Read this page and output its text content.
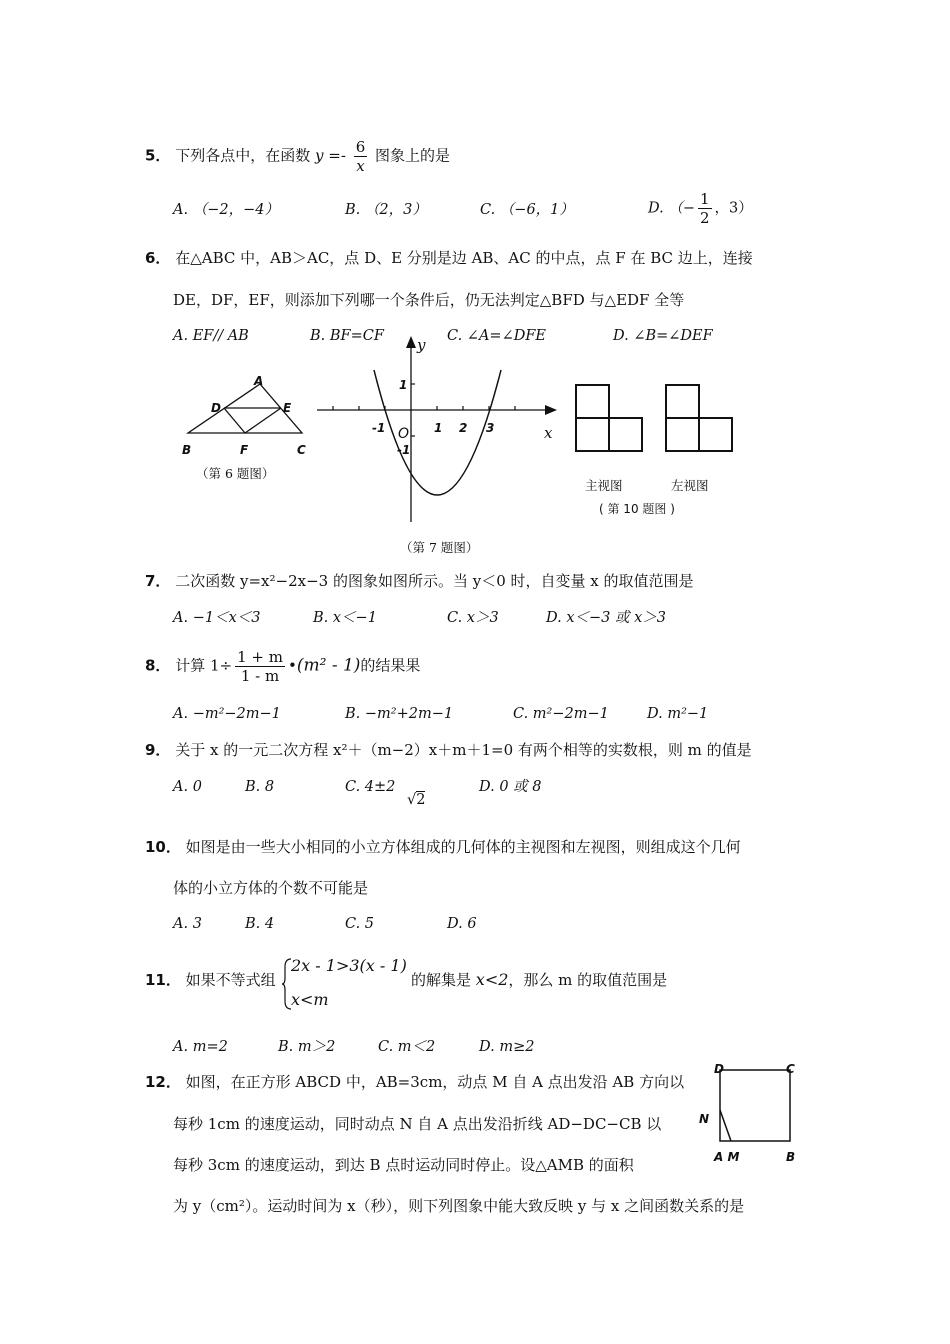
5． 下列各点中，在函数 $y =- \frac{6}{x}$ 图象上的是
A. （−2，−4）	B. （2，3）	C. （−6，1）	D. （− $\frac{1}{2}$ ，3）
6． 在△ABC 中，AB＞AC，点 D、E 分别是边 AB、AC 的中点，点 F 在 BC 边上，连接
DE，DF，EF，则添加下列哪一个条件后，仍无法判定△BFD 与△EDF 全等
A. EF// AB	B. BF=CF	C. ∠A=∠DFE	D. ∠B=∠DEF
A
D	E
B	F	C
（第 6 题图）
y
x
1
-1 O 1 2 3
-1
（第 7 题图）
主视图	左视图
( 第 10 题图 )
7． 二次函数 y=x²−2x−3 的图象如图所示。当 y＜0 时，自变量 x 的取值范围是
A. −1＜x＜3	B. x＜−1	C. x＞3	D. x＜−3 或 x＞3
8． 计算 $1\div \frac{1 + m}{1 - m}$ •(m² - 1)的结果果
A. −m²−2m−1	B. −m²+2m−1	C. m²−2m−1	D. m²−1
9． 关于 x 的一元二次方程 x²＋（m−2）x＋m＋1=0 有两个相等的实数根，则 m 的值是
A. 0	B. 8	C. 4±2
√2
D. 0 或 8
10． 如图是由一些大小相同的小立方体组成的几何体的主视图和左视图，则组成这个几何
体的小立方体的个数不可能是
A. 3	B. 4	C. 5	D. 6
11． 如果不等式组
2x - 1>3(x - 1)
x<m
的解集是 x<2，那么 m 的取值范围是
A. m=2	B. m＞2	C. m＜2	D. m≥2
12． 如图，在正方形 ABCD 中，AB=3cm，动点 M 自 A 点出发沿 AB 方向以
每秒 1cm 的速度运动，同时动点 N 自 A 点出发沿折线 AD−DC−CB 以
每秒 3cm 的速度运动，到达 B 点时运动同时停止。设△AMB 的面积
为 y（cm²）。运动时间为 x（秒），则下列图象中能大致反映 y 与 x 之间函数关系的是
D	C
N
A M	B
